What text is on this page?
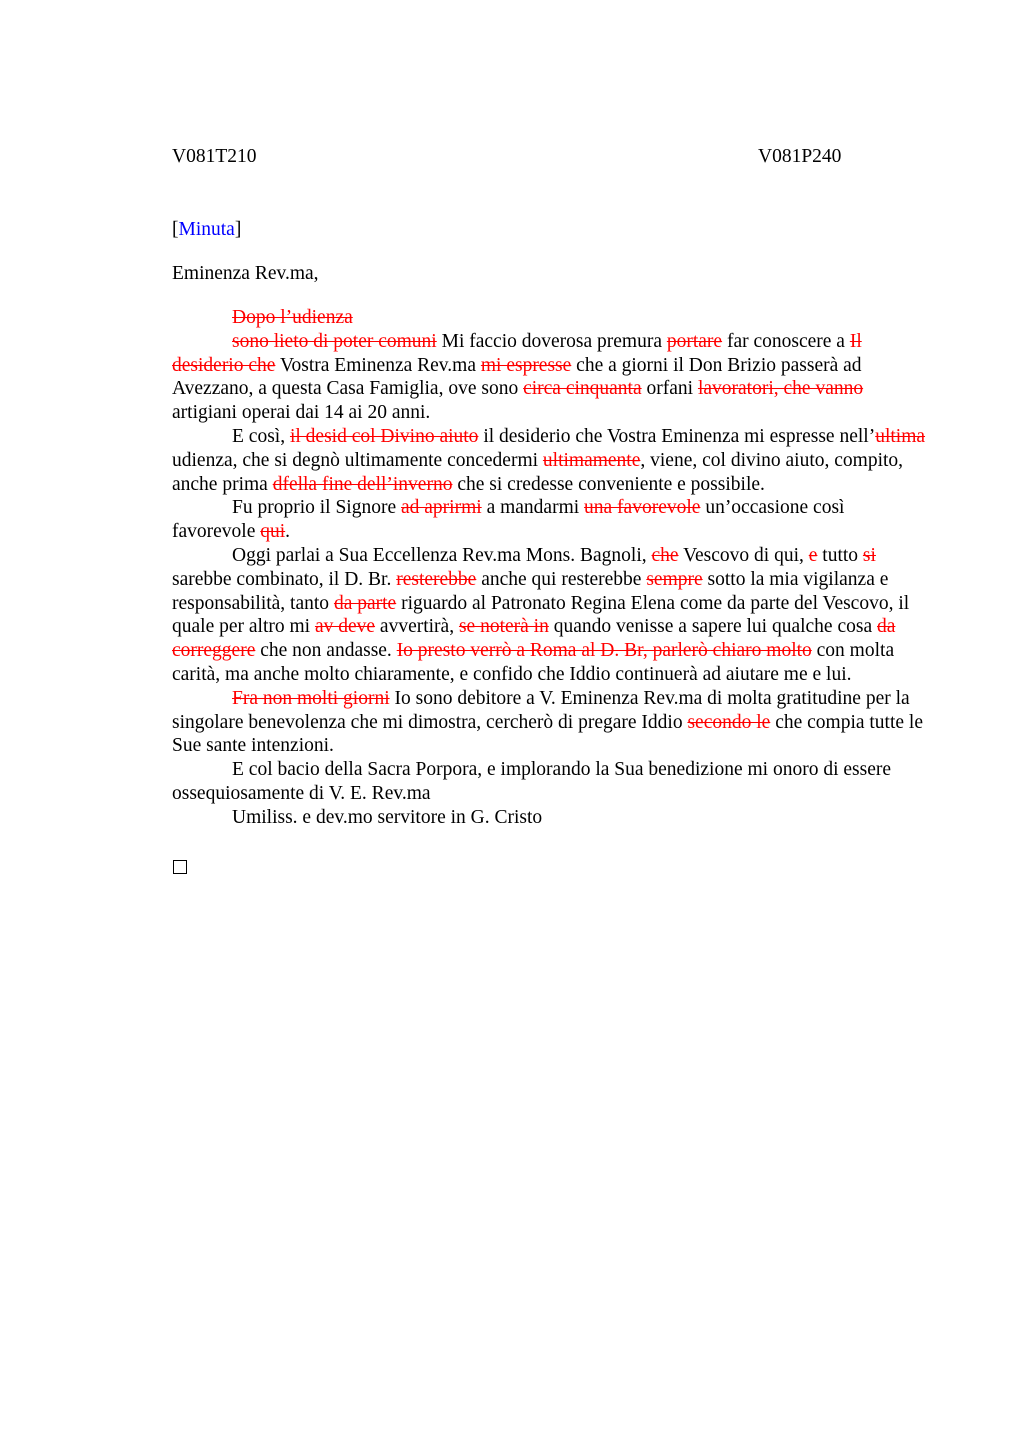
V081T210	V081P240
[Minuta]
Eminenza Rev.ma,

Dopo l’udienza

sono lieto di poter comuni Mi faccio doverosa premura portare far conoscere a Il desiderio che Vostra Eminenza Rev.ma mi espresse che a giorni il Don Brizio passerà ad Avezzano, a questa Casa Famiglia, ove sono circa cinquanta orfani lavoratori, che vanno artigiani operai dai 14 ai 20 anni.

E così, il desid col Divino aiuto il desiderio che Vostra Eminenza mi espresse nell’ultima udienza, che si degnò ultimamente concedermi ultimamente, viene, col divino aiuto, compito, anche prima dfella fine dell’inverno che si credesse conveniente e possibile.

Fu proprio il Signore ad aprirmi a mandarmi una favorevole un’occasione così favorevole qui.

Oggi parlai a Sua Eccellenza Rev.ma Mons. Bagnoli, che Vescovo di qui, e tutto si sarebbe combinato, il D. Br. resterebbe anche qui resterebbe sempre sotto la mia vigilanza e responsabilità, tanto da parte riguardo al Patronato Regina Elena come da parte del Vescovo, il quale per altro mi av deve avvertirà, se noterà in quando venisse a sapere lui qualche cosa da correggere che non andasse. Io presto verrò a Roma al D. Br, parlerò chiaro molto con molta carità, ma anche molto chiaramente, e confido che Iddio continuerà ad aiutare me e lui.

Fra non molti giorni Io sono debitore a V. Eminenza Rev.ma di molta gratitudine per la singolare benevolenza che mi dimostra, cercherò di pregare Iddio secondo le che compia tutte le Sue sante intenzioni.

E col bacio della Sacra Porpora, e implorando la Sua benedizione mi onoro di essere ossequiosamente di V. E. Rev.ma

Umiliss. e dev.mo servitore in G. Cristo
